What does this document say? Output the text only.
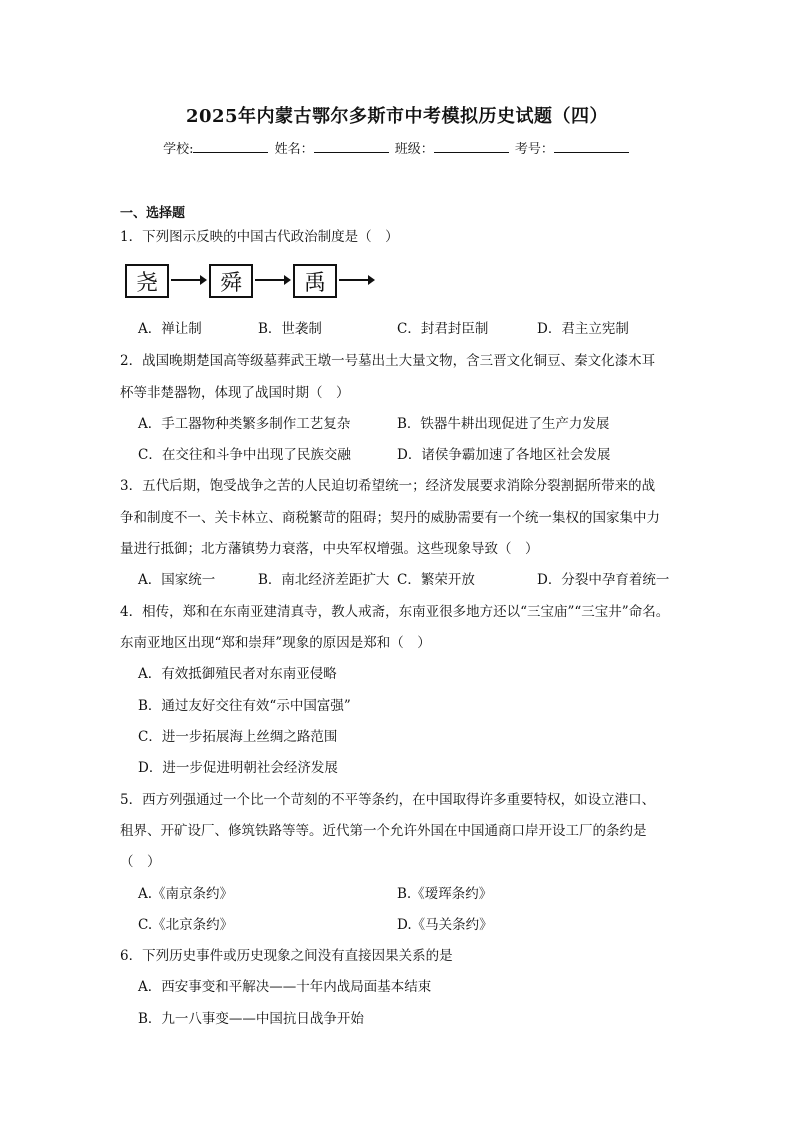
2025年内蒙古鄂尔多斯市中考模拟历史试题（四）
学校:	姓名：	班级：	考号：
一、选择题
1．下列图示反映的中国古代政治制度是（　）
尧	舜	禹
A．禅让制	B．世袭制	C．封君封臣制	D．君主立宪制
2．战国晚期楚国高等级墓葬武王墩一号墓出土大量文物，含三晋文化铜豆、秦文化漆木耳
杯等非楚器物，体现了战国时期（　）
A．手工器物种类繁多制作工艺复杂	B．铁器牛耕出现促进了生产力发展
C．在交往和斗争中出现了民族交融	D．诸侯争霸加速了各地区社会发展
3．五代后期，饱受战争之苦的人民迫切希望统一；经济发展要求消除分裂割据所带来的战
争和制度不一、关卡林立、商税繁苛的阻碍；契丹的威胁需要有一个统一集权的国家集中力
量进行抵御；北方藩镇势力衰落，中央军权增强。这些现象导致（　）
A．国家统一	B．南北经济差距扩大 C．繁荣开放	D．分裂中孕育着统一
4．相传，郑和在东南亚建清真寺，教人戒斋，东南亚很多地方还以“三宝庙”“三宝井”命名。
东南亚地区出现“郑和崇拜”现象的原因是郑和（　）
A．有效抵御殖民者对东南亚侵略
B．通过友好交往有效“示中国富强”
C．进一步拓展海上丝绸之路范围
D．进一步促进明朝社会经济发展
5．西方列强通过一个比一个苛刻的不平等条约，在中国取得许多重要特权，如设立港口、
租界、开矿设厂、修筑铁路等等。近代第一个允许外国在中国通商口岸开设工厂的条约是
（　）
A.《南京条约》	B.《瑷珲条约》
C.《北京条约》	D.《马关条约》
6．下列历史事件或历史现象之间没有直接因果关系的是
A．西安事变和平解决——十年内战局面基本结束
B．九一八事变——中国抗日战争开始
